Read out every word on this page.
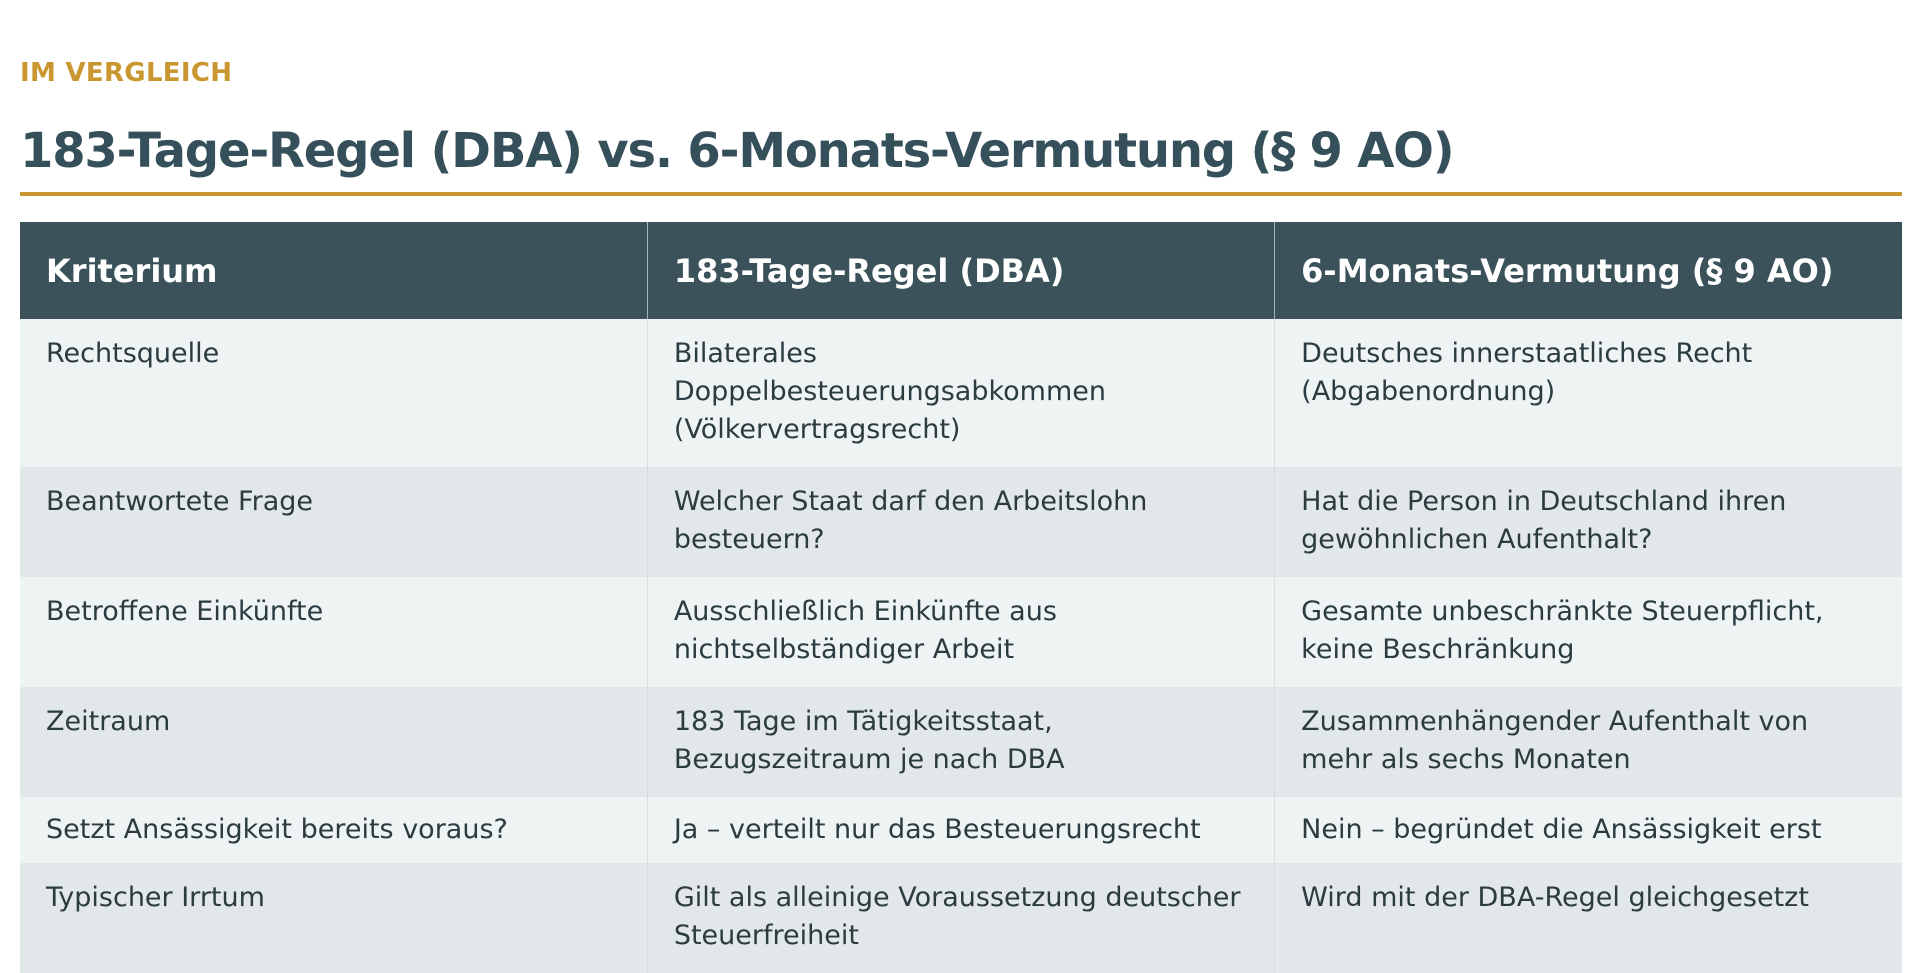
IM VERGLEICH
183-Tage-Regel (DBA) vs. 6-Monats-Vermutung (§ 9 AO)
Kriterium	183-Tage-Regel (DBA)	6-Monats-Vermutung (§ 9 AO)
Rechtsquelle	Bilaterales Doppelbesteuerungsabkommen (Völkervertragsrecht)	Deutsches innerstaatliches Recht (Abgabenordnung)
Beantwortete Frage	Welcher Staat darf den Arbeitslohn besteuern?	Hat die Person in Deutschland ihren gewöhnlichen Aufenthalt?
Betroffene Einkünfte	Ausschließlich Einkünfte aus nichtselbständiger Arbeit	Gesamte unbeschränkte Steuerpflicht, keine Beschränkung
Zeitraum	183 Tage im Tätigkeitsstaat, Bezugszeitraum je nach DBA	Zusammenhängender Aufenthalt von mehr als sechs Monaten
Setzt Ansässigkeit bereits voraus?	Ja – verteilt nur das Besteuerungsrecht	Nein – begründet die Ansässigkeit erst
Typischer Irrtum	Gilt als alleinige Voraussetzung deutscher Steuerfreiheit	Wird mit der DBA-Regel gleichgesetzt
